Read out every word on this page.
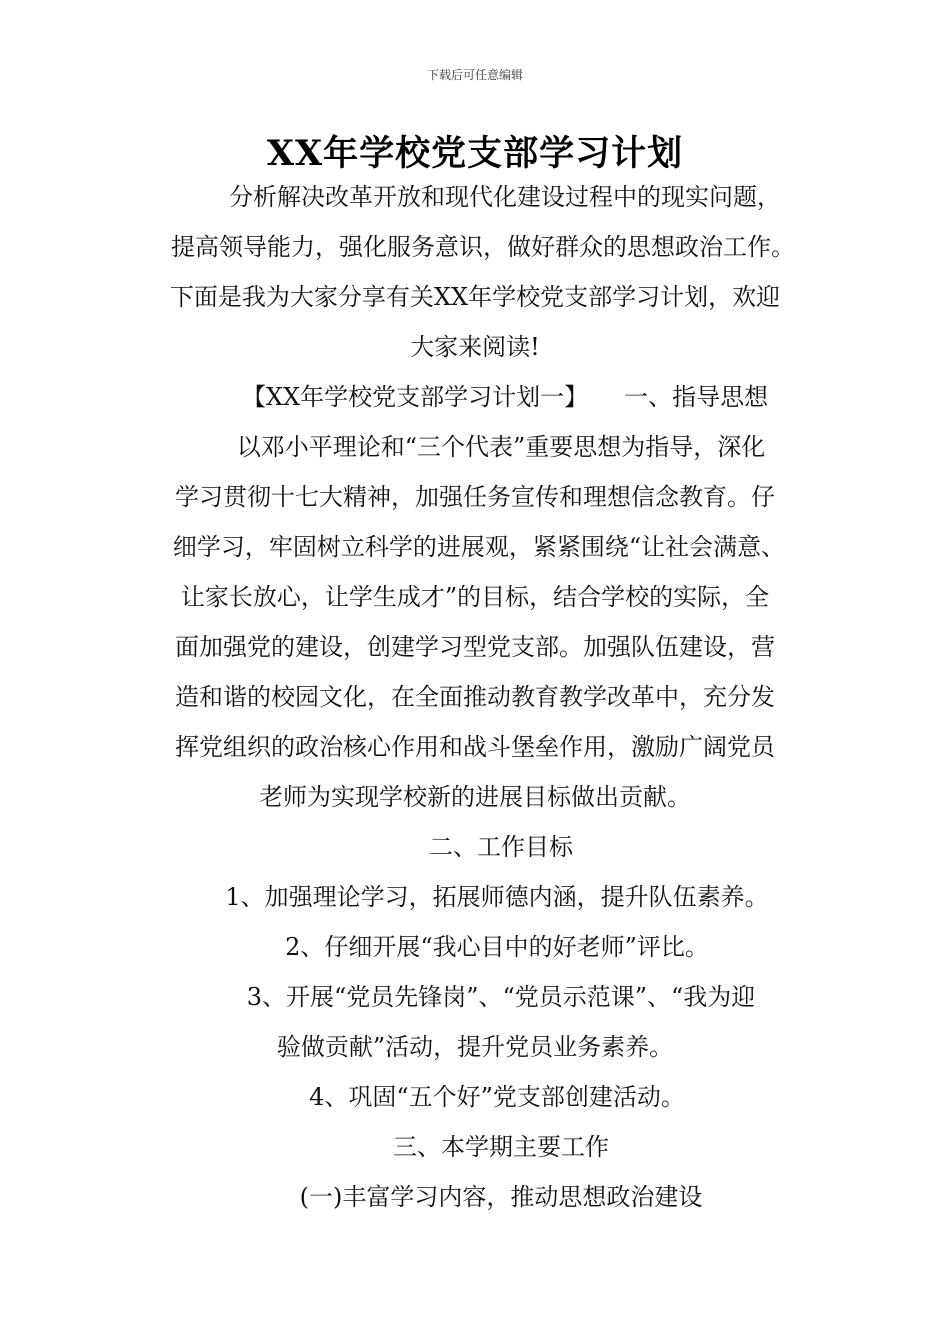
下载后可任意编辑
XX年学校党支部学习计划
分析解决改革开放和现代化建设过程中的现实问题，
提高领导能力，强化服务意识，做好群众的思想政治工作。
下面是我为大家分享有关XX年学校党支部学习计划，欢迎
大家来阅读!
【XX年学校党支部学习计划一】　　一、指导思想
以邓小平理论和“三个代表”重要思想为指导，深化
学习贯彻十七大精神，加强任务宣传和理想信念教育。仔
细学习，牢固树立科学的进展观，紧紧围绕“让社会满意、
让家长放心，让学生成才”的目标，结合学校的实际，全
面加强党的建设，创建学习型党支部。加强队伍建设，营
造和谐的校园文化，在全面推动教育教学改革中，充分发
挥党组织的政治核心作用和战斗堡垒作用，激励广阔党员
老师为实现学校新的进展目标做出贡献。
二、工作目标
1、加强理论学习，拓展师德内涵，提升队伍素养。
2、仔细开展“我心目中的好老师”评比。
3、开展“党员先锋岗”、“党员示范课”、“我为迎
验做贡献”活动，提升党员业务素养。
4、巩固“五个好”党支部创建活动。
三、本学期主要工作
(一)丰富学习内容，推动思想政治建设
